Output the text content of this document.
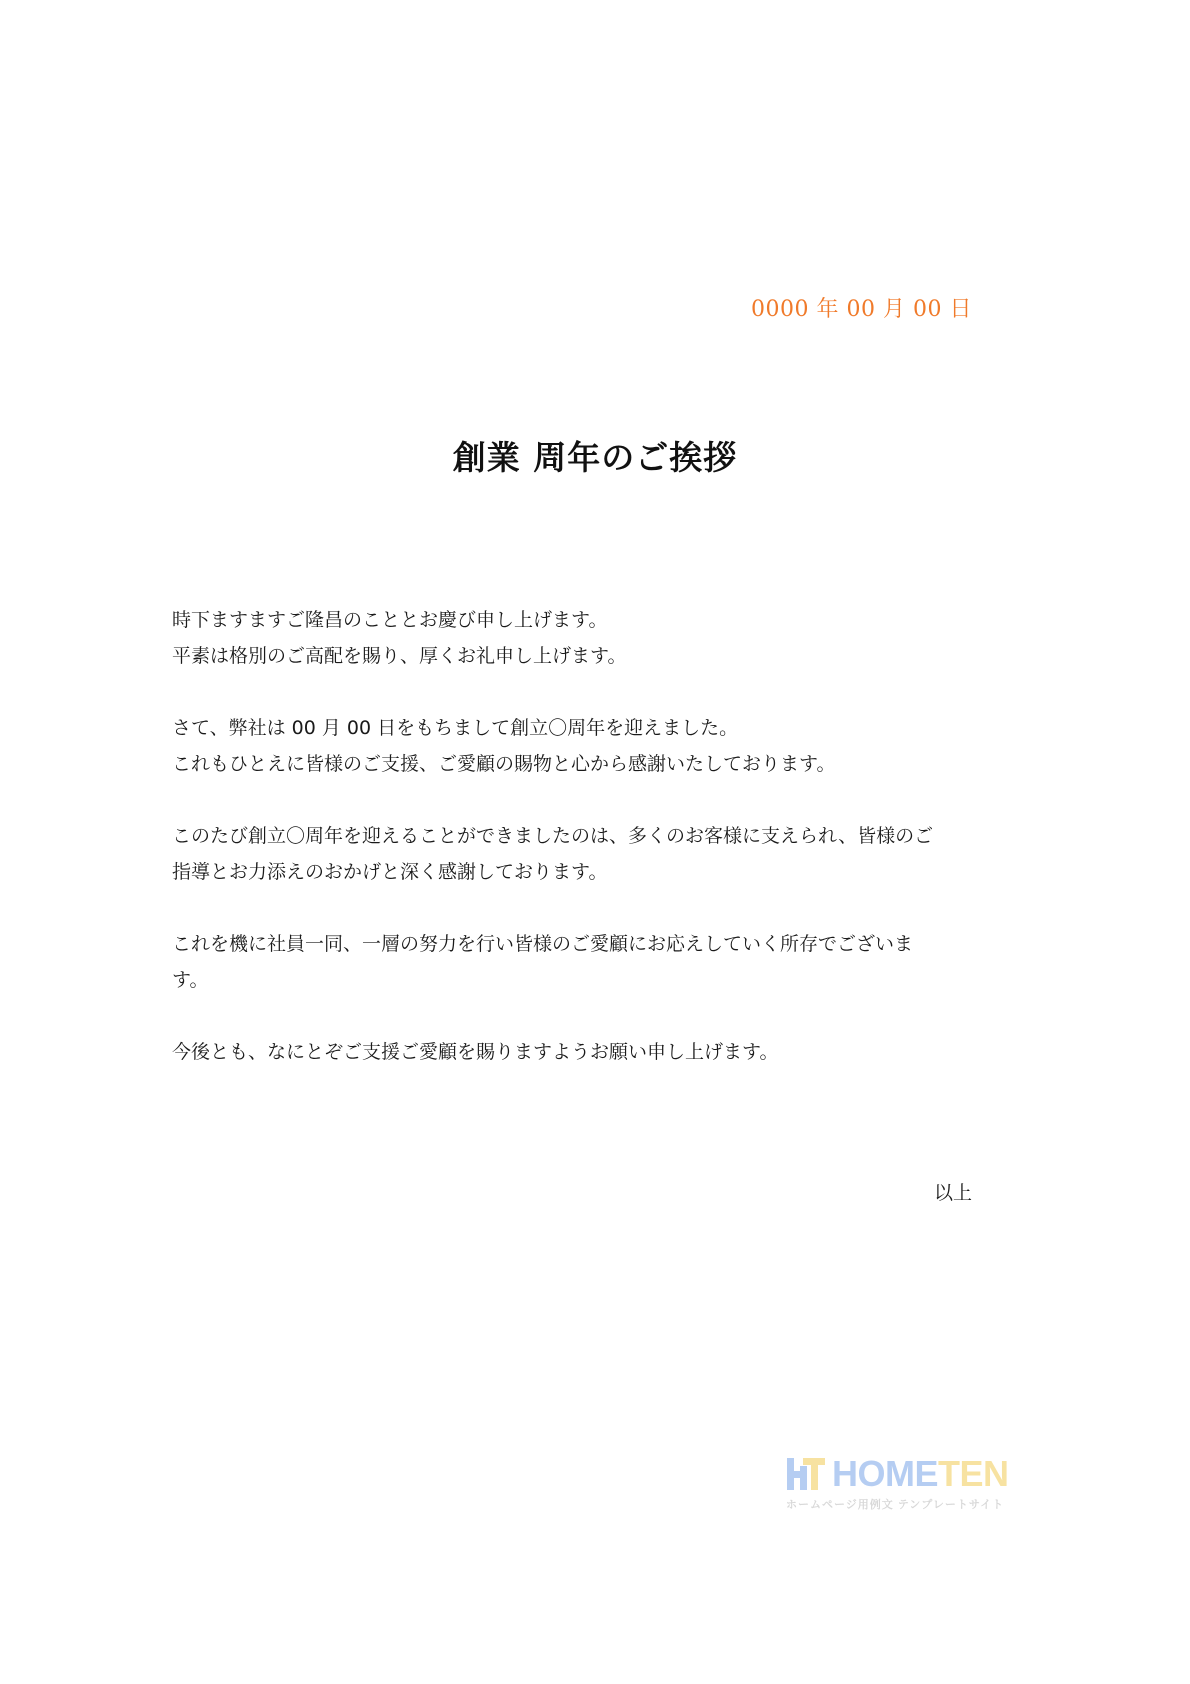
0000 年 00 月 00 日
創業 周年のご挨拶

時下ますますご隆昌のこととお慶び申し上げます。
平素は格別のご高配を賜り、厚くお礼申し上げます。

さて、弊社は 00 月 00 日をもちまして創立〇周年を迎えました。
これもひとえに皆様のご支援、ご愛顧の賜物と心から感謝いたしております。

このたび創立〇周年を迎えることができましたのは、多くのお客様に支えられ、皆様のご
指導とお力添えのおかげと深く感謝しております。

これを機に社員一同、一層の努力を行い皆様のご愛顧にお応えしていく所存でございま
す。

今後とも、なにとぞご支援ご愛顧を賜りますようお願い申し上げます。

以上
HOMETEN
ホームページ用例文 テンプレートサイト
